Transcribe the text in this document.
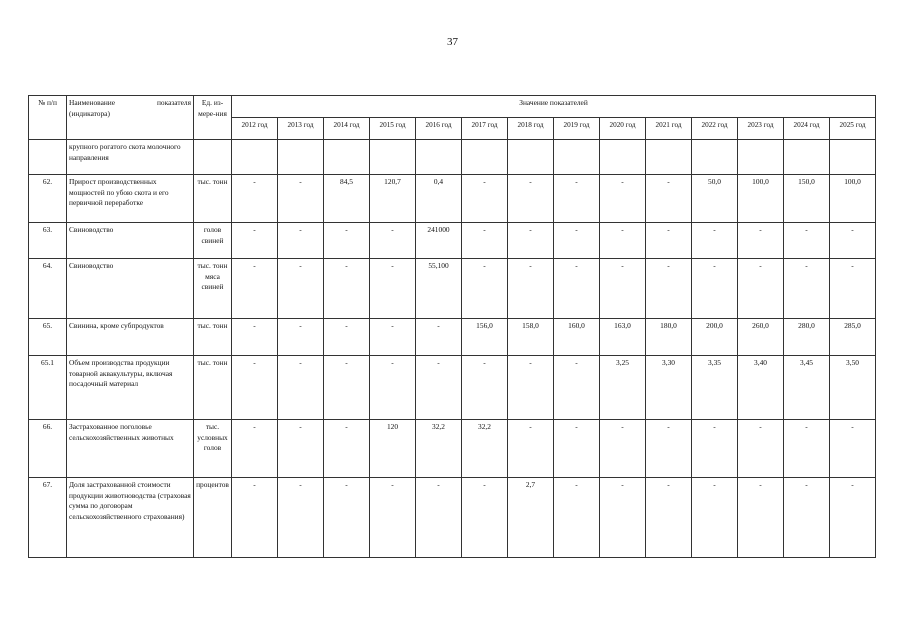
37
№ п/п	Наименование показателя (индикатора)	Ед. из-мере-ния	Значение показателей													
			2012 год	2013 год	2014 год	2015 год	2016 год	2017 год	2018 год	2019 год	2020 год	2021 год	2022 год	2023 год	2024 год	2025 год
	крупного рогатого скота молочного направления															
62.	Прирост производственных мощностей по убою скота и его первичной переработке	тыс. тонн	-	-	84,5	120,7	0,4	-	-	-	-	-	50,0	100,0	150,0	100,0
63.	Свиноводство	голов свиней	-	-	-	-	241000	-	-	-	-	-	-	-	-	-
64.	Свиноводство	тыс. тонн мяса свиней	-	-	-	-	55,100	-	-	-	-	-	-	-	-	-
65.	Свинина, кроме субпродуктов	тыс. тонн	-	-	-	-	-	156,0	158,0	160,0	163,0	180,0	200,0	260,0	280,0	285,0
65.1	Объем производства продукции товарной аквакультуры, включая посадочный материал	тыс. тонн	-	-	-	-	-	-	-	-	3,25	3,30	3,35	3,40	3,45	3,50
66.	Застрахованное поголовье сельскохозяйственных животных	тыс. условных голов	-	-	-	120	32,2	32,2	-	-	-	-	-	-	-	-
67.	Доля застрахованной стоимости продукции животноводства (страховая сумма по договорам сельскохозяйственного страхования)	процентов	-	-	-	-	-	-	2,7	-	-	-	-	-	-	-
